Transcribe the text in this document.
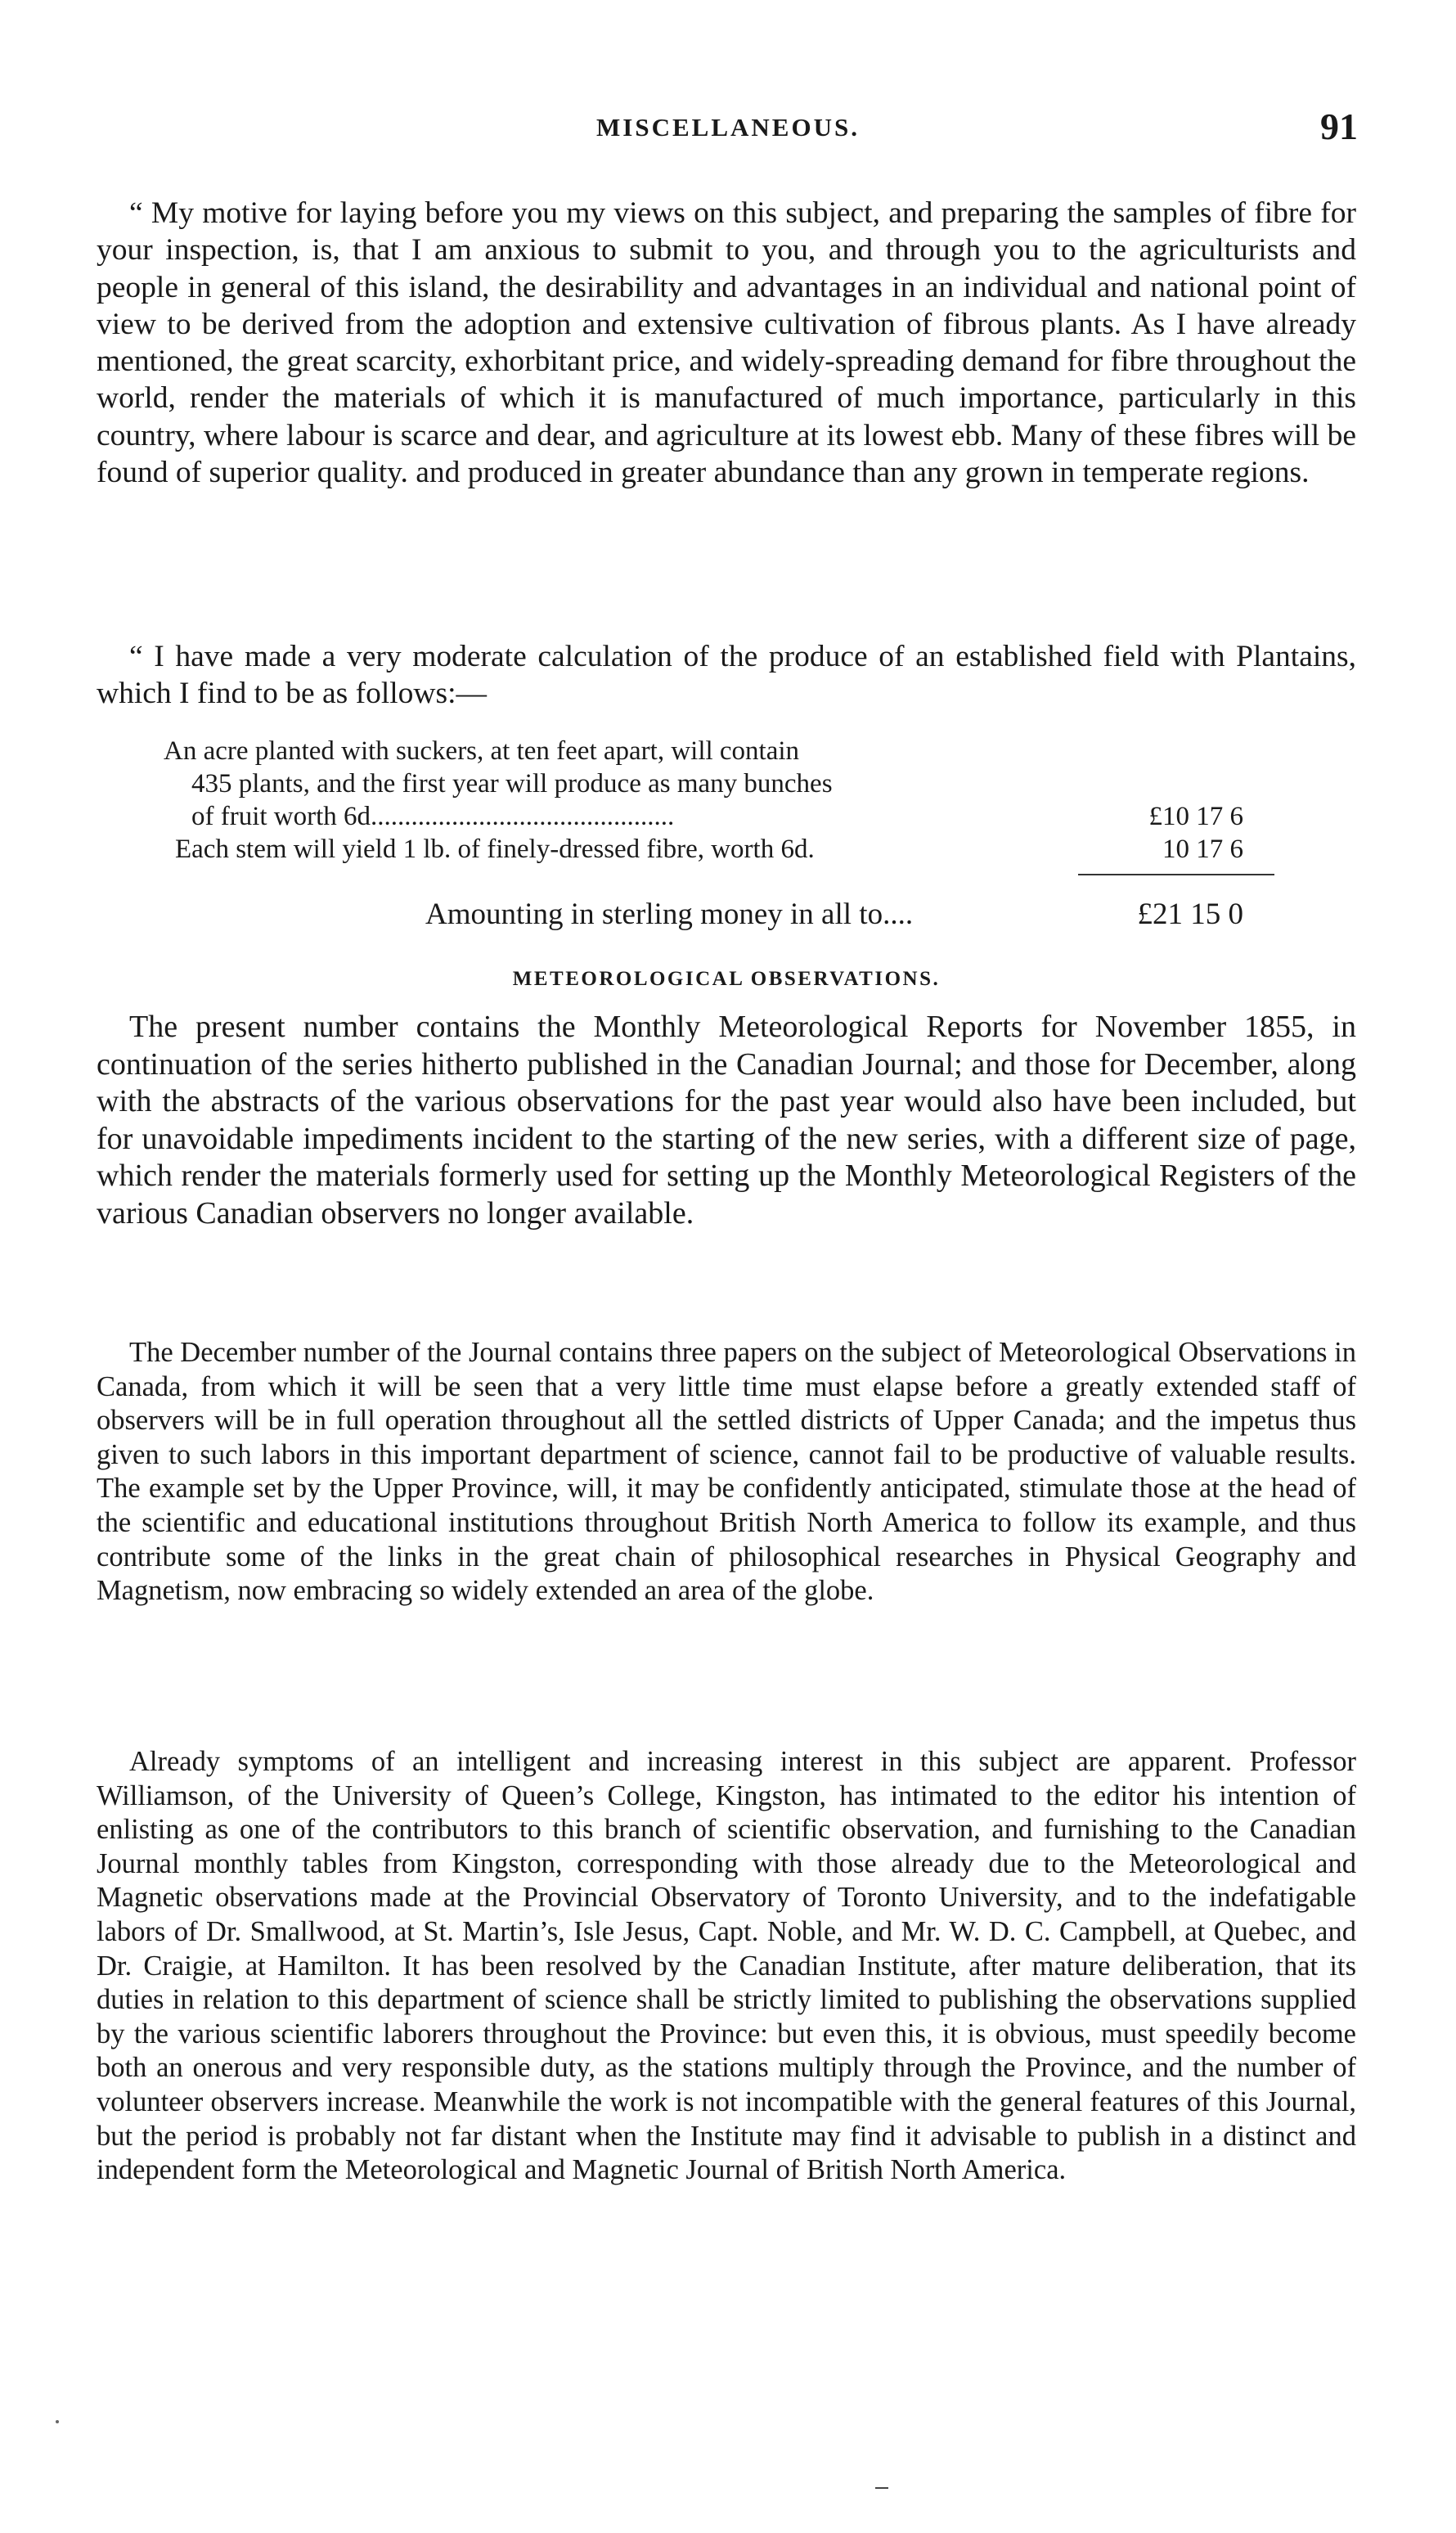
MISCELLANEOUS.	91

“ My motive for laying before you my views on this subject, and preparing the samples of fibre for your inspection, is, that I am anxious to submit to you, and through you to the agriculturists and people in general of this island, the desirability and advantages in an individual and national point of view to be derived from the adoption and extensive cultivation of fibrous plants. As I have already mentioned, the great scarcity, exhorbitant price, and widely-spreading demand for fibre throughout the world, render the materials of which it is manufactured of much importance, particularly in this country, where labour is scarce and dear, and agriculture at its lowest ebb. Many of these fibres will be found of superior quality. and produced in greater abundance than any grown in temperate regions.

“ I have made a very moderate calculation of the produce of an established field with Plantains, which I find to be as follows:—

An acre planted with suckers, at ten feet apart, will contain
435 plants, and the first year will produce as many bunches
of fruit worth 6d.............................................	£10 17 6
Each stem will yield 1 lb. of finely-dressed fibre, worth 6d.	10 17 6
Amounting in sterling money in all to....	£21 15 0
METEOROLOGICAL OBSERVATIONS.

The present number contains the Monthly Meteorological Reports for November 1855, in continuation of the series hitherto published in the Canadian Journal; and those for December, along with the abstracts of the various observations for the past year would also have been included, but for unavoidable impediments incident to the starting of the new series, with a different size of page, which render the materials formerly used for setting up the Monthly Meteorological Registers of the various Canadian observers no longer available.

The December number of the Journal contains three papers on the subject of Meteorological Observations in Canada, from which it will be seen that a very little time must elapse before a greatly extended staff of observers will be in full operation throughout all the settled districts of Upper Canada; and the impetus thus given to such labors in this important department of science, cannot fail to be productive of valuable results. The example set by the Upper Province, will, it may be confidently anticipated, stimulate those at the head of the scientific and educational institutions throughout British North America to follow its example, and thus contribute some of the links in the great chain of philosophical researches in Physical Geography and Magnetism, now embracing so widely extended an area of the globe.

Already symptoms of an intelligent and increasing interest in this subject are apparent. Professor Williamson, of the University of Queen’s College, Kingston, has intimated to the editor his intention of enlisting as one of the contributors to this branch of scientific observation, and furnishing to the Canadian Journal monthly tables from Kingston, corresponding with those already due to the Meteorological and Magnetic observations made at the Provincial Observatory of Toronto University, and to the indefatigable labors of Dr. Smallwood, at St. Martin’s, Isle Jesus, Capt. Noble, and Mr. W. D. C. Campbell, at Quebec, and Dr. Craigie, at Hamilton. It has been resolved by the Canadian Institute, after mature deliberation, that its duties in relation to this department of science shall be strictly limited to publishing the observations supplied by the various scientific laborers throughout the Province: but even this, it is obvious, must speedily become both an onerous and very responsible duty, as the stations multiply through the Province, and the number of volunteer observers increase. Meanwhile the work is not incompatible with the general features of this Journal, but the period is probably not far distant when the Institute may find it advisable to publish in a distinct and independent form the Meteorological and Magnetic Journal of British North America.
